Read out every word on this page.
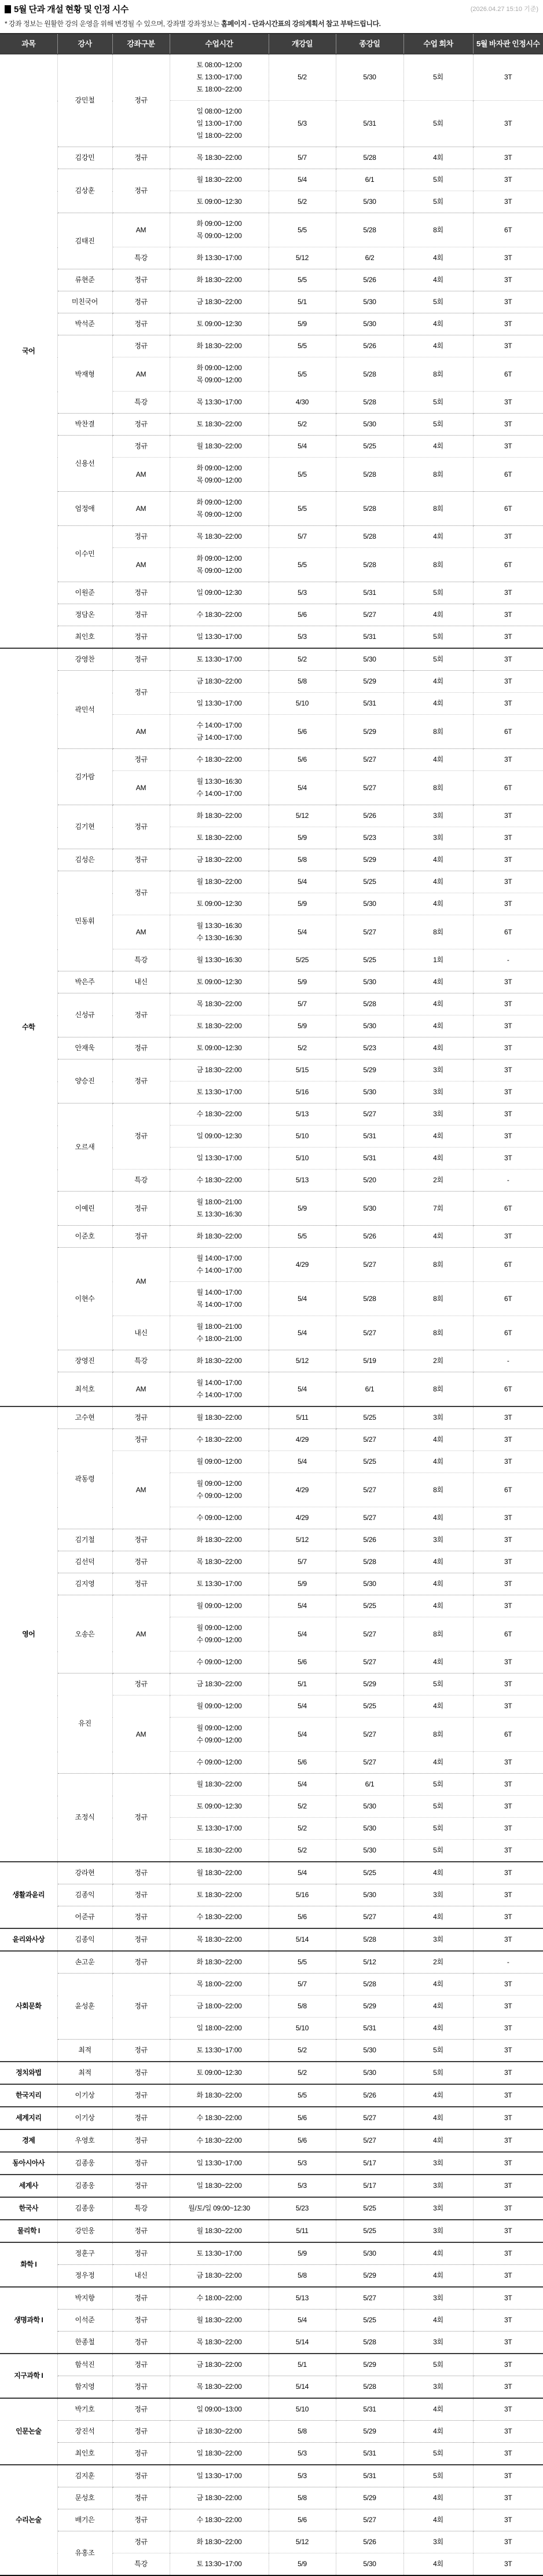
5월 단과 개설 현황 및 인정 시수	(2026.04.27 15:10 기준)
* 강좌 정보는 원활한 강의 운영을 위해 변경될 수 있으며, 강좌별 강좌정보는 홈페이지 - 단과시간표의 강의계획서 참고 부탁드립니다.
과목	강사	강좌구분	수업시간	개강일	종강일	수업 회차	5월 바자관 인정시수
국어	강민철	정규	토 08:00~12:00
토 13:00~17:00
토 18:00~22:00	5/2	5/30	5회	3T

			일 08:00~12:00
일 13:00~17:00
일 18:00~22:00	5/3	5/31	5회	3T
	김강민	정규	목 18:30~22:00	5/7	5/28	4회	3T
	김상훈	정규	월 18:30~22:00	5/4	6/1	5회	3T

			토 09:00~12:30	5/2	5/30	5회	3T
	김태진	AM	화 09:00~12:00
목 09:00~12:00	5/5	5/28	8회	6T
		특강	화 13:30~17:00	5/12	6/2	4회	3T
	류현준	정규	화 18:30~22:00	5/5	5/26	4회	3T
	미친국어	정규	금 18:30~22:00	5/1	5/30	5회	3T
	박석준	정규	토 09:00~12:30	5/9	5/30	4회	3T
	박재형	정규	화 18:30~22:00	5/5	5/26	4회	3T
		AM	화 09:00~12:00
목 09:00~12:00	5/5	5/28	8회	6T
		특강	목 13:30~17:00	4/30	5/28	5회	3T
	박찬결	정규	토 18:30~22:00	5/2	5/30	5회	3T
	신용선	정규	월 18:30~22:00	5/4	5/25	4회	3T
		AM	화 09:00~12:00
목 09:00~12:00	5/5	5/28	8회	6T
	엄정애	AM	화 09:00~12:00
목 09:00~12:00	5/5	5/28	8회	6T
	이수민	정규	목 18:30~22:00	5/7	5/28	4회	3T
		AM	화 09:00~12:00
목 09:00~12:00	5/5	5/28	8회	6T
	이원준	정규	일 09:00~12:30	5/3	5/31	5회	3T
	정담온	정규	수 18:30~22:00	5/6	5/27	4회	3T
	최인호	정규	일 13:30~17:00	5/3	5/31	5회	3T
수학	강영찬	정규	토 13:30~17:00	5/2	5/30	5회	3T
	곽민석	정규	금 18:30~22:00	5/8	5/29	4회	3T

			일 13:30~17:00	5/10	5/31	4회	3T
		AM	수 14:00~17:00
금 14:00~17:00	5/6	5/29	8회	6T
	김가람	정규	수 18:30~22:00	5/6	5/27	4회	3T
		AM	월 13:30~16:30
수 14:00~17:00	5/4	5/27	8회	6T
	김기현	정규	화 18:30~22:00	5/12	5/26	3회	3T

			토 18:30~22:00	5/9	5/23	3회	3T
	김성은	정규	금 18:30~22:00	5/8	5/29	4회	3T
	민동휘	정규	월 18:30~22:00	5/4	5/25	4회	3T

			토 09:00~12:30	5/9	5/30	4회	3T
		AM	월 13:30~16:30
수 13:30~16:30	5/4	5/27	8회	6T
		특강	월 13:30~16:30	5/25	5/25	1회	-
	박은주	내신	토 09:00~12:30	5/9	5/30	4회	3T
	신성규	정규	목 18:30~22:00	5/7	5/28	4회	3T

			토 18:30~22:00	5/9	5/30	4회	3T
	안재욱	정규	토 09:00~12:30	5/2	5/23	4회	3T
	양승진	정규	금 18:30~22:00	5/15	5/29	3회	3T

			토 13:30~17:00	5/16	5/30	3회	3T
	오르새	정규	수 18:30~22:00	5/13	5/27	3회	3T

			일 09:00~12:30	5/10	5/31	4회	3T

			일 13:30~17:00	5/10	5/31	4회	3T
		특강	수 18:30~22:00	5/13	5/20	2회	-
	이예린	정규	월 18:00~21:00
토 13:30~16:30	5/9	5/30	7회	6T
	이준호	정규	화 18:30~22:00	5/5	5/26	4회	3T
	이현수	AM	월 14:00~17:00
수 14:00~17:00	4/29	5/27	8회	6T

			월 14:00~17:00
목 14:00~17:00	5/4	5/28	8회	6T
		내신	월 18:00~21:00
수 18:00~21:00	5/4	5/27	8회	6T
	장영진	특강	화 18:30~22:00	5/12	5/19	2회	-
	최석호	AM	월 14:00~17:00
수 14:00~17:00	5/4	6/1	8회	6T
영어	고수현	정규	월 18:30~22:00	5/11	5/25	3회	3T
	곽동령	정규	수 18:30~22:00	4/29	5/27	4회	3T
		AM	월 09:00~12:00	5/4	5/25	4회	3T

			월 09:00~12:00
수 09:00~12:00	4/29	5/27	8회	6T

			수 09:00~12:00	4/29	5/27	4회	3T
	김기철	정규	화 18:30~22:00	5/12	5/26	3회	3T
	김선덕	정규	목 18:30~22:00	5/7	5/28	4회	3T
	김지영	정규	토 13:30~17:00	5/9	5/30	4회	3T
	오송은	AM	월 09:00~12:00	5/4	5/25	4회	3T

			월 09:00~12:00
수 09:00~12:00	5/4	5/27	8회	6T

			수 09:00~12:00	5/6	5/27	4회	3T
	유진	정규	금 18:30~22:00	5/1	5/29	5회	3T
		AM	월 09:00~12:00	5/4	5/25	4회	3T

			월 09:00~12:00
수 09:00~12:00	5/4	5/27	8회	6T

			수 09:00~12:00	5/6	5/27	4회	3T
	조정식	정규	월 18:30~22:00	5/4	6/1	5회	3T

			토 09:00~12:30	5/2	5/30	5회	3T

			토 13:30~17:00	5/2	5/30	5회	3T

			토 18:30~22:00	5/2	5/30	5회	3T
생활과윤리	강라현	정규	월 18:30~22:00	5/4	5/25	4회	3T
	김종익	정규	토 18:30~22:00	5/16	5/30	3회	3T
	어준규	정규	수 18:30~22:00	5/6	5/27	4회	3T
윤리와사상	김종익	정규	목 18:30~22:00	5/14	5/28	3회	3T
사회문화	손고운	정규	화 18:30~22:00	5/5	5/12	2회	-
	윤성훈	정규	목 18:00~22:00	5/7	5/28	4회	3T

			금 18:00~22:00	5/8	5/29	4회	3T

			일 18:00~22:00	5/10	5/31	4회	3T
	최적	정규	토 13:30~17:00	5/2	5/30	5회	3T
정치와법	최적	정규	토 09:00~12:30	5/2	5/30	5회	3T
한국지리	이기상	정규	화 18:30~22:00	5/5	5/26	4회	3T
세계지리	이기상	정규	수 18:30~22:00	5/6	5/27	4회	3T
경제	우영호	정규	수 18:30~22:00	5/6	5/27	4회	3T
동아시아사	김종웅	정규	일 13:30~17:00	5/3	5/17	3회	3T
세계사	김종웅	정규	일 18:30~22:00	5/3	5/17	3회	3T
한국사	김종웅	특강	월/토/일 09:00~12:30	5/23	5/25	3회	3T
물리학 I	강민웅	정규	월 18:30~22:00	5/11	5/25	3회	3T
화학 I	정훈구	정규	토 13:30~17:00	5/9	5/30	4회	3T
	정우정	내신	금 18:30~22:00	5/8	5/29	4회	3T
생명과학 I	박지향	정규	수 18:00~22:00	5/13	5/27	3회	3T
	이석준	정규	월 18:30~22:00	5/4	5/25	4회	3T
	한종철	정규	목 18:30~22:00	5/14	5/28	3회	3T
지구과학 I	함석진	정규	금 18:30~22:00	5/1	5/29	5회	3T
	함지영	정규	목 18:30~22:00	5/14	5/28	3회	3T
인문논술	박기호	정규	일 09:00~13:00	5/10	5/31	4회	3T
	장진석	정규	금 18:30~22:00	5/8	5/29	4회	3T
	최인호	정규	일 18:30~22:00	5/3	5/31	5회	3T
수리논술	김지훈	정규	일 13:30~17:00	5/3	5/31	5회	3T
	문성호	정규	금 18:30~22:00	5/8	5/29	4회	3T
	배기은	정규	수 18:30~22:00	5/6	5/27	4회	3T
	유홍조	정규	화 18:30~22:00	5/12	5/26	3회	3T
		특강	토 13:30~17:00	5/9	5/30	4회	3T
